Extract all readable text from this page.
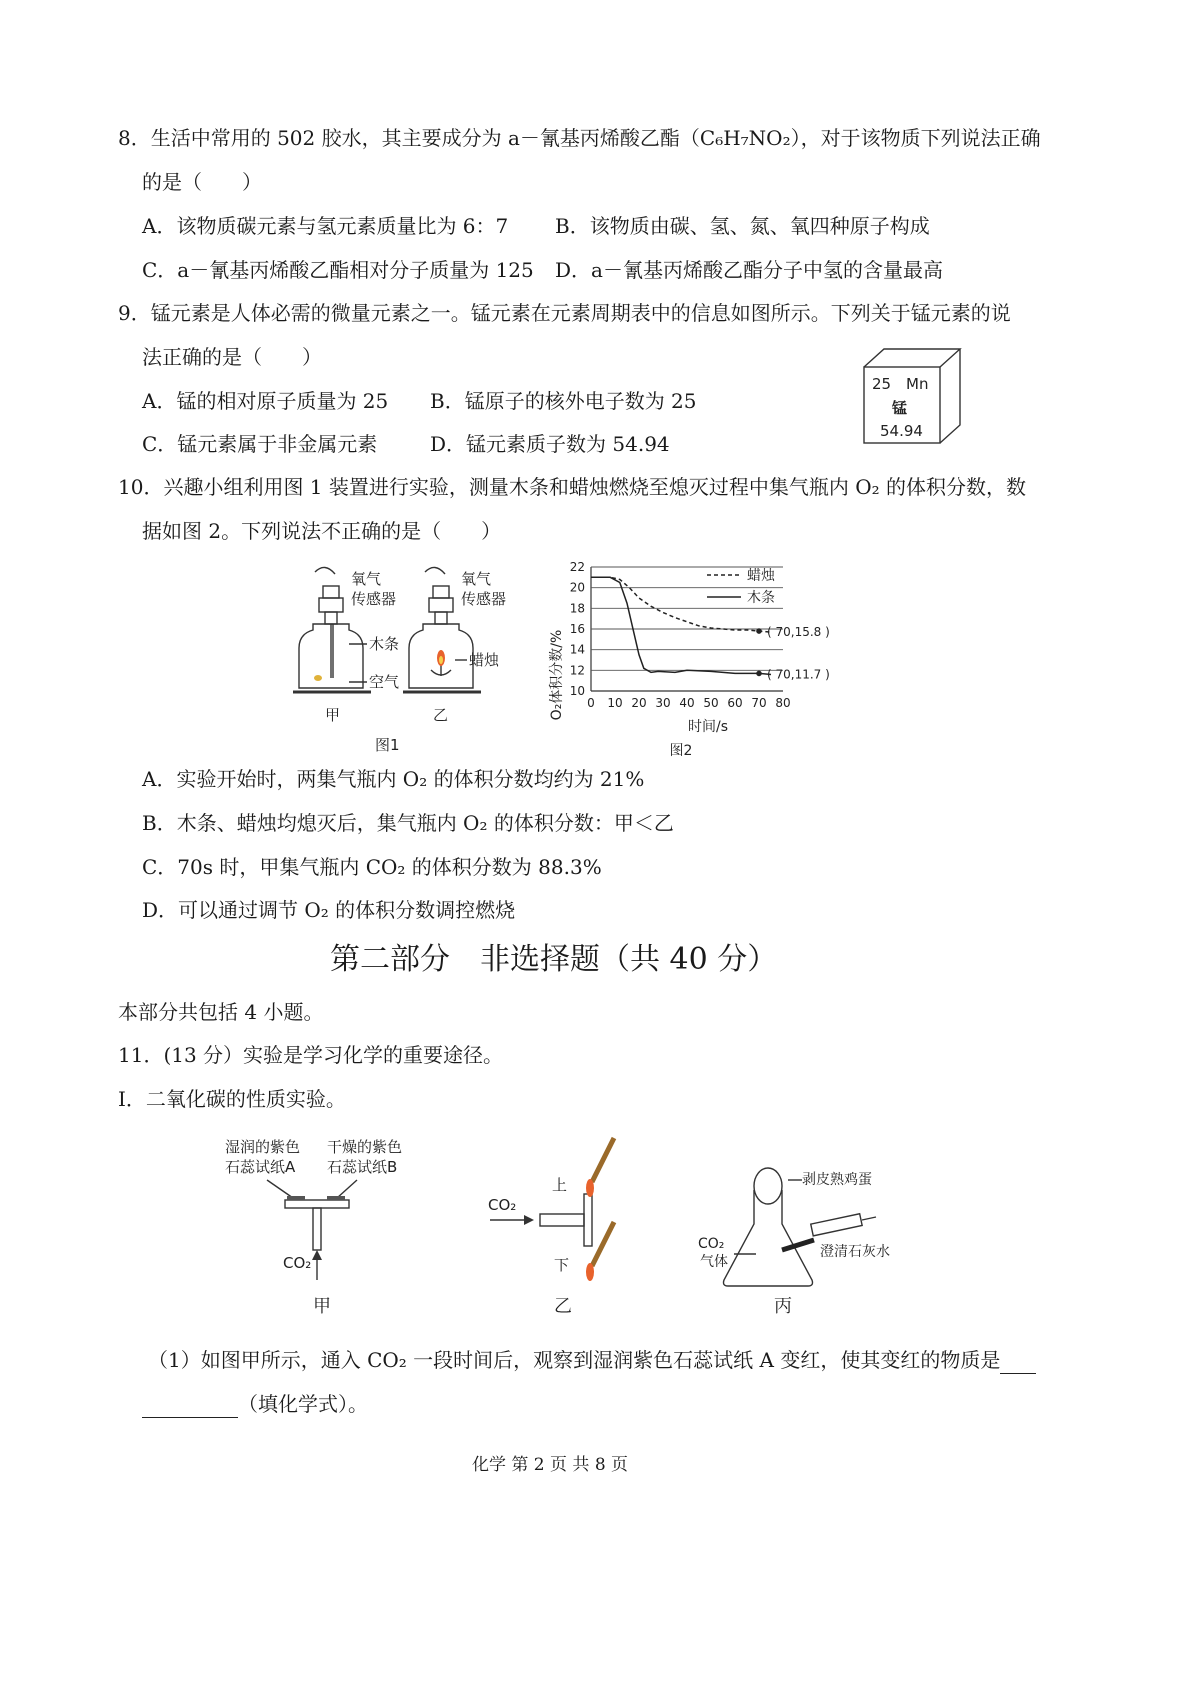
8．生活中常用的 502 胶水，其主要成分为 a－氰基丙烯酸乙酯（C₆H₇NO₂），对于该物质下列说法正确
的是（　　）
A．该物质碳元素与氢元素质量比为 6：7 B．该物质由碳、氢、氮、氧四种原子构成
C．a－氰基丙烯酸乙酯相对分子质量为 125 D．a－氰基丙烯酸乙酯分子中氢的含量最高
9．锰元素是人体必需的微量元素之一。锰元素在元素周期表中的信息如图所示。下列关于锰元素的说
法正确的是（　　）
A．锰的相对原子质量为 25 B．锰原子的核外电子数为 25
C．锰元素属于非金属元素	D．锰元素质子数为 54.94
25 Mn
锰
54.94
10．兴趣小组利用图 1 装置进行实验，测量木条和蜡烛燃烧至熄灭过程中集气瓶内 O₂ 的体积分数，数
据如图 2。下列说法不正确的是（　　）
氧气
传感器
氧气
传感器
木条
空气
蜡烛
甲	乙
图1
10
12
14
16
18
20
22
0 10 20 30 40 50 60 70 80
蜡烛
木条
( 70,15.8 )
( 70,11.7 )
O₂体积分数/%
时间/s
图2
A．实验开始时，两集气瓶内 O₂ 的体积分数均约为 21%
B．木条、蜡烛均熄灭后，集气瓶内 O₂ 的体积分数：甲＜乙
C．70s 时，甲集气瓶内 CO₂ 的体积分数为 88.3%
D．可以通过调节 O₂ 的体积分数调控燃烧
第二部分　非选择题（共 40 分）
本部分共包括 4 小题。
11．(13 分）实验是学习化学的重要途径。
Ⅰ．二氧化碳的性质实验。
湿润的紫色
石蕊试纸A
干燥的紫色
石蕊试纸B
CO₂
甲
CO₂
上
下
乙
剥皮熟鸡蛋
CO₂
气体
澄清石灰水
丙
（1）如图甲所示，通入 CO₂ 一段时间后，观察到湿润紫色石蕊试纸 A 变红，使其变红的物质是
（填化学式）。
化学 第 2 页 共 8 页
